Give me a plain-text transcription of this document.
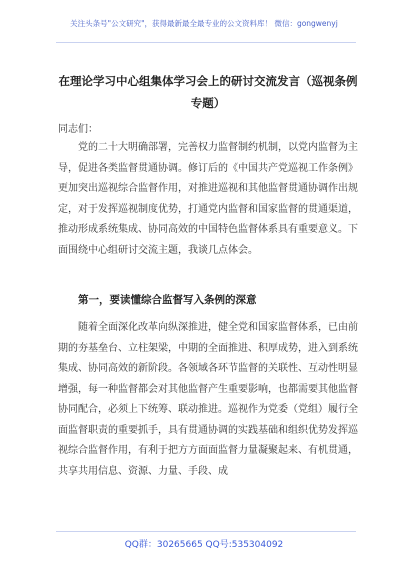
关注头条号"公文研究"，获得最新最全最专业的公文资料库！ 微信：gongwenyj
在理论学习中心组集体学习会上的研讨交流发言（巡视条例专题）
同志们：

党的二十大明确部署，完善权力监督制约机制，以党内监督为主导，促进各类监督贯通协调。修订后的《中国共产党巡视工作条例》更加突出巡视综合监督作用，对推进巡视和其他监督贯通协调作出规定，对于发挥巡视制度优势，打通党内监督和国家监督的贯通渠道，推动形成系统集成、协同高效的中国特色监督体系具有重要意义。下面围绕中心组研讨交流主题，我谈几点体会。

第一，要读懂综合监督写入条例的深意

随着全面深化改革向纵深推进，健全党和国家监督体系，已由前期的夯基垒台、立柱架梁，中期的全面推进、积厚成势，进入到系统集成、协同高效的新阶段。各领域各环节监督的关联性、互动性明显增强，每一种监督都会对其他监督产生重要影响，也都需要其他监督协同配合，必须上下统筹、联动推进。巡视作为党委（党组）履行全面监督职责的重要抓手，具有贯通协调的实践基础和组织优势发挥巡视综合监督作用，有利于把方方面面监督力量凝聚起来、有机贯通，共享共用信息、资源、力量、手段、成

QQ群：30265665 QQ号:535304092
